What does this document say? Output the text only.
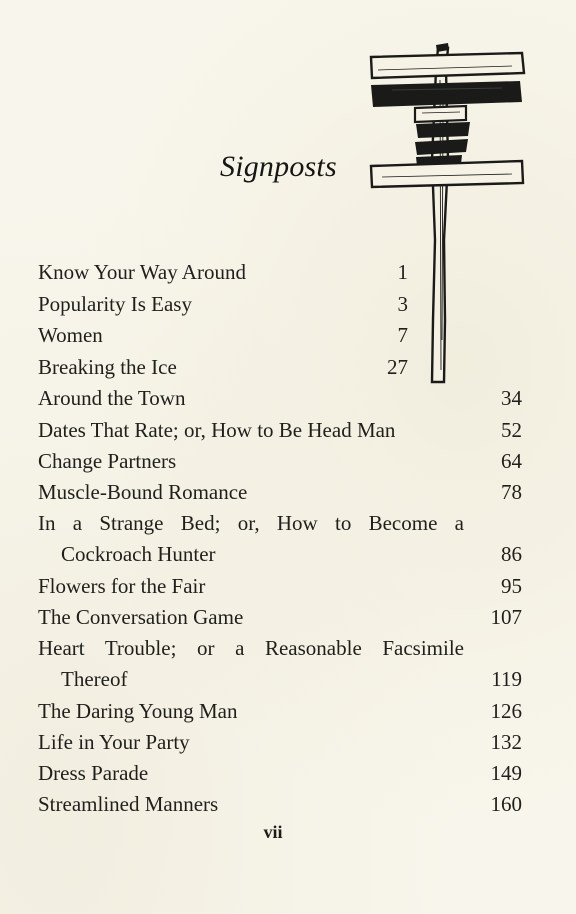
Signposts
Know Your Way Around	1
Popularity Is Easy	3
Women	7
Breaking the Ice	27
Around the Town	34
Dates That Rate; or, How to Be Head Man	52
Change Partners	64
Muscle-Bound Romance	78
In a Strange Bed; or, How to Become a
Cockroach Hunter	86
Flowers for the Fair	95
The Conversation Game	107
Heart Trouble; or a Reasonable Facsimile
Thereof	119
The Daring Young Man	126
Life in Your Party	132
Dress Parade	149
Streamlined Manners	160
vii
